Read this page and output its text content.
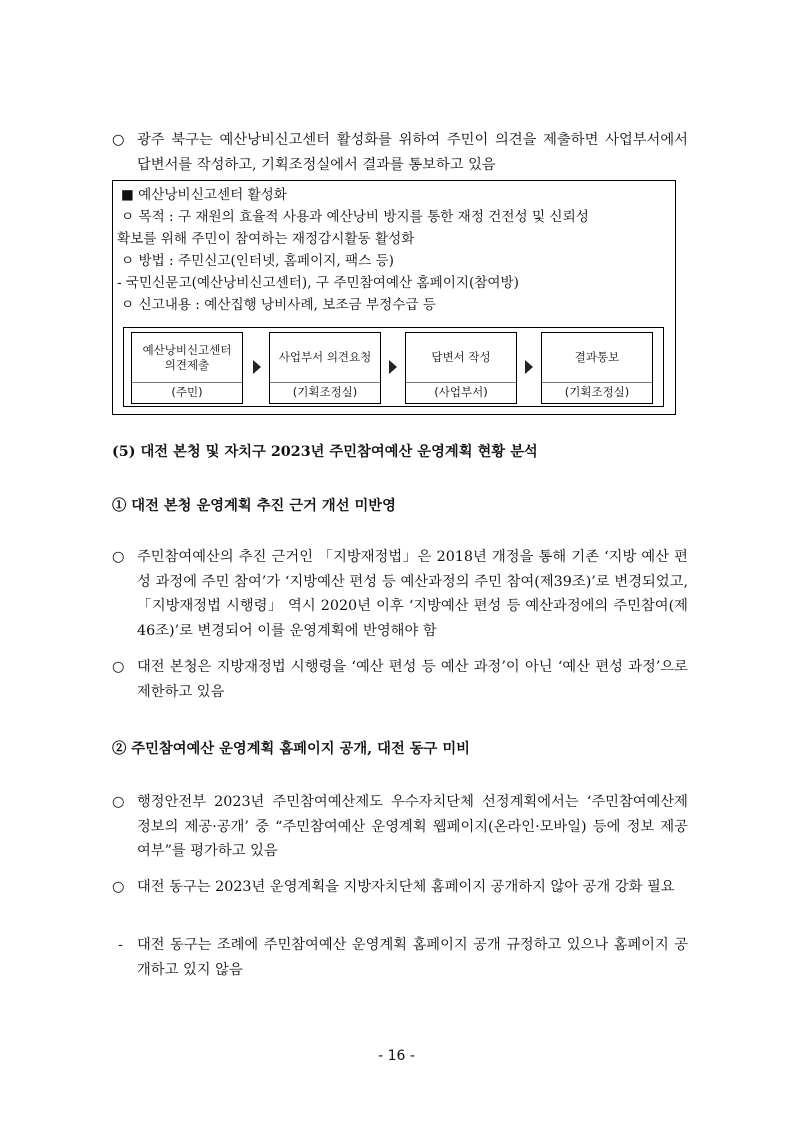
○ 광주 북구는 예산낭비신고센터 활성화를 위하여 주민이 의견을 제출하면 사업부서에서 답변서를 작성하고, 기획조정실에서 결과를 통보하고 있음
■ 예산낭비신고센터 활성화
ㅇ 목적 : 구 재원의 효율적 사용과 예산낭비 방지를 통한 재정 건전성 및 신뢰성
확보를 위해 주민이 참여하는 재정감시활동 활성화
ㅇ 방법 : 주민신고(인터넷, 홈페이지, 팩스 등)
- 국민신문고(예산낭비신고센터), 구 주민참여예산 홈페이지(참여방)
ㅇ 신고내용 : 예산집행 낭비사례, 보조금 부정수급 등
예산낭비신고센터
의견제출
(주민)
사업부서 의견요청
(기획조정실)
답변서 작성
(사업부서)
결과통보
(기획조정실)
(5) 대전 본청 및 자치구 2023년 주민참여예산 운영계획 현황 분석
① 대전 본청 운영계획 추진 근거 개선 미반영
○ 주민참여예산의 추진 근거인 「지방재정법」은 2018년 개정을 통해 기존 ‘지방 예산 편성 과정에 주민 참여’가 ‘지방예산 편성 등 예산과정의 주민 참여(제39조)’로 변경되었고, 「지방재정법 시행령」 역시 2020년 이후 ‘지방예산 편성 등 예산과정에의 주민참여(제46조)’로 변경되어 이를 운영계획에 반영해야 함
○ 대전 본청은 지방재정법 시행령을 ‘예산 편성 등 예산 과정’이 아닌 ‘예산 편성 과정’으로 제한하고 있음
② 주민참여예산 운영계획 홈페이지 공개, 대전 동구 미비
○ 행정안전부 2023년 주민참여예산제도 우수자치단체 선정계획에서는 ‘주민참여예산제 정보의 제공·공개’ 중 “주민참여예산 운영계획 웹페이지(온라인·모바일) 등에 정보 제공 여부”를 평가하고 있음
○ 대전 동구는 2023년 운영계획을 지방자치단체 홈페이지 공개하지 않아 공개 강화 필요
- 대전 동구는 조례에 주민참여예산 운영계획 홈페이지 공개 규정하고 있으나 홈페이지 공개하고 있지 않음
- 16 -
